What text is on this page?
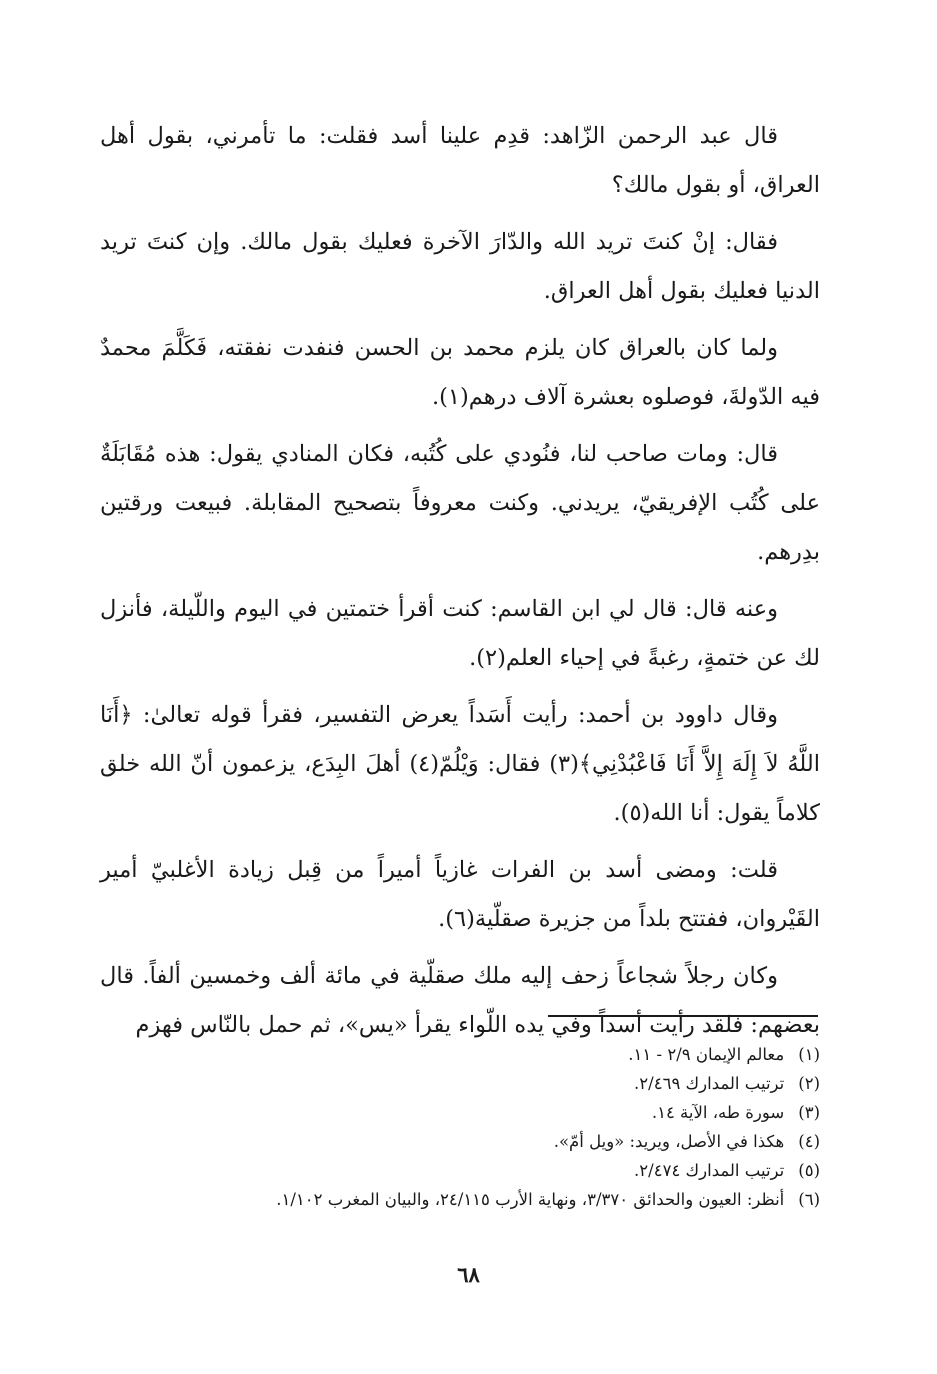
قال عبد الرحمن الزّاهد: قدِم علينا أسد فقلت: ما تأمرني، بقول أهل العراق، أو بقول مالك؟

فقال: إنْ كنتَ تريد الله والدّارَ الآخرة فعليك بقول مالك. وإن كنتَ تريد الدنيا فعليك بقول أهل العراق.

ولما كان بالعراق كان يلزم محمد بن الحسن فنفدت نفقته، فَكَلَّمَ محمدٌ فيه الدّولةَ، فوصلوه بعشرة آلاف درهم(١).

قال: ومات صاحب لنا، فنُودي على كُتُبه، فكان المنادي يقول: هذه مُقَابَلَةٌ على كُتُب الإفريقيّ، يريدني. وكنت معروفاً بتصحيح المقابلة. فبيعت ورقتين بدِرهم.

وعنه قال: قال لي ابن القاسم: كنت أقرأ ختمتين في اليوم واللّيلة، فأنزل لك عن ختمةٍ، رغبةً في إحياء العلم(٢).

وقال داوود بن أحمد: رأيت أَسَداً يعرض التفسير، فقرأ قوله تعالىٰ: ﴿أَنَا اللَّهُ لاَ إِلَهَ إِلاَّ أَنَا فَاعْبُدْنِي﴾(٣) فقال: وَيْلُمّ(٤) أهلَ البِدَع، يزعمون أنّ الله خلق كلاماً يقول: أنا الله(٥).

قلت: ومضى أسد بن الفرات غازياً أميراً من قِبل زيادة الأغلبيّ أمير القَيْروان، ففتتح بلداً من جزيرة صقلّية(٦).

وكان رجلاً شجاعاً زحف إليه ملك صقلّية في مائة ألف وخمسين ألفاً. قال بعضهم: فلقد رأيت أسداً وفي يده اللّواء يقرأ «يس»، ثم حمل بالنّاس فهزم

(١)معالم الإيمان ٢/٩ - ١١.
(٢)ترتيب المدارك ٢/٤٦٩.
(٣)سورة طه، الآية ١٤.
(٤)هكذا في الأصل، ويريد: «ويل أمّ».
(٥)ترتيب المدارك ٢/٤٧٤.
(٦)أنظر: العيون والحدائق ٣/٣٧٠، ونهاية الأرب ٢٤/١١٥، والبيان المغرب ١/١٠٢.
٦٨
